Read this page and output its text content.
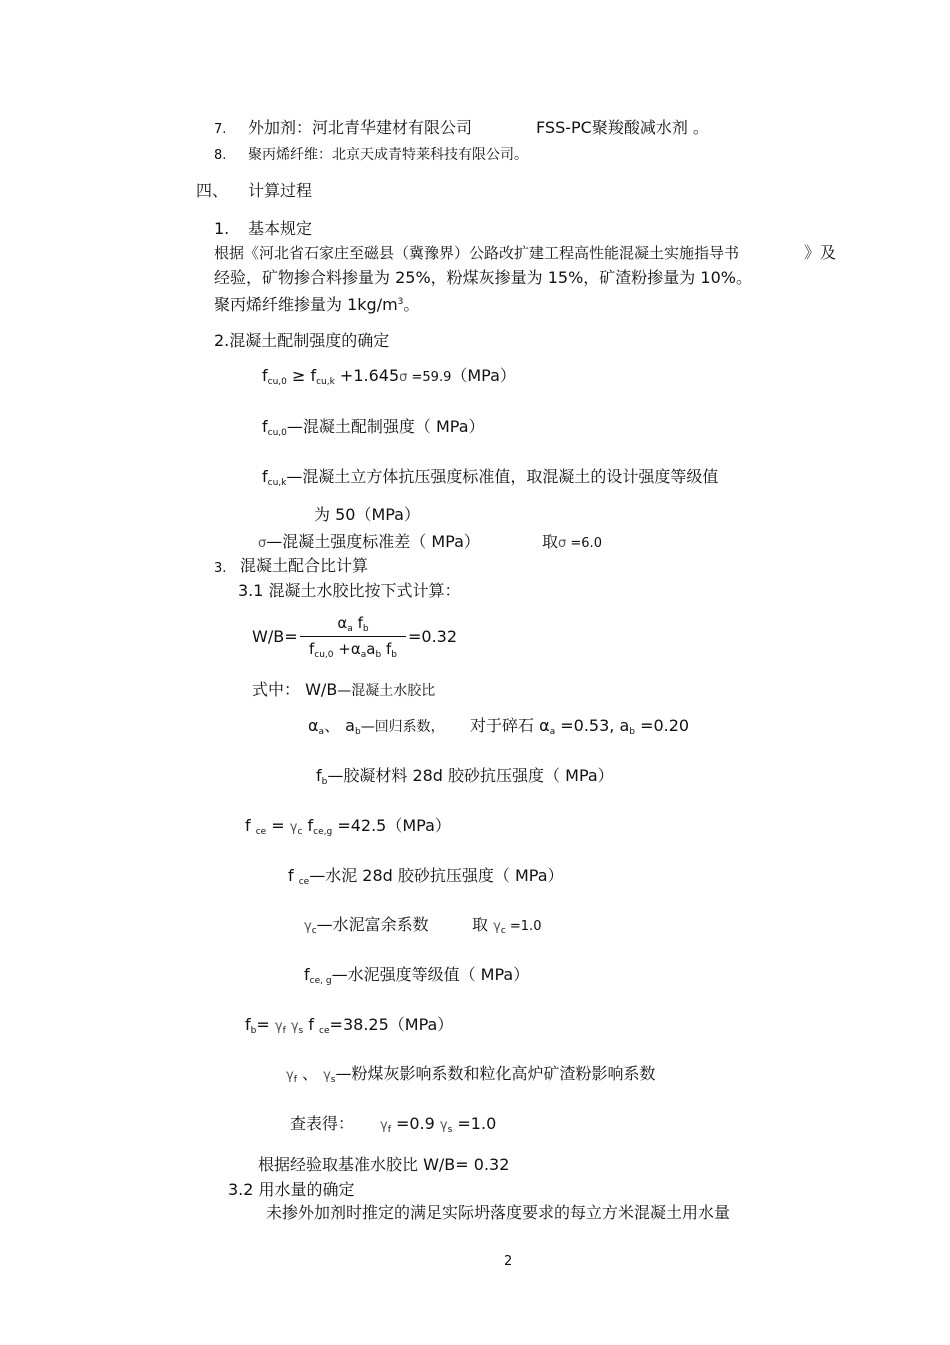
7. 外加剂：河北青华建材有限公司	FSS-PC聚羧酸减水剂 。
8. 聚丙烯纤维：北京天成青特莱科技有限公司。
四、 计算过程
1. 基本规定
根据《河北省石家庄至磁县（冀豫界）公路改扩建工程高性能混凝土实施指导书	》及
经验，矿物掺合料掺量为 25%，粉煤灰掺量为 15%，矿渣粉掺量为 10%。
聚丙烯纤维掺量为 $1kg/m^3$。
2.混凝土配制强度的确定
$f_{cu,0} \ge f_{cu,k} +1.645\sigma =59.9(MPa)$
$f_{cu,0}—$混凝土配制强度（ MPa）
$f_{cu,k}—$混凝土立方体抗压强度标准值，取混凝土的设计强度等级值
为 50（MPa）
σ—混凝土强度标准差（ MPa）	取σ =6.0
3. 混凝土配合比计算
3.1 混凝土水胶比按下式计算：
W/B=
$\alpha_a$ $f_b$
$f_{cu,0} +\alpha_aa_b$ $f_b$
=0.32
式中： W/B—混凝土水胶比
$\alpha_a$、 $a_b—$回归系数， 对于碎石 $\alpha_a =0.53$, $a_b =0.20$
$f_b—$胶凝材料 28d 胶砂抗压强度（ MPa）
f $_{ce} = \gamma_c$ $f_{ce,g} =42.5(MPa)$
f $_{ce}$—水泥 28d 胶砂抗压强度（ MPa）
$\gamma_c—$水泥富余系数	取 $\gamma_c =1.0$
$f_{ce, g}—$水泥强度等级值（ MPa）
$f_b= \gamma_f$ $\gamma_s$ f $_{ce}$=38.25（MPa）
$\gamma_f$ 、 $\gamma_s—$粉煤灰影响系数和粒化高炉矿渣粉影响系数
查表得： $\gamma_f =0.9$ $\gamma_s =1.0$
根据经验取基准水胶比 W/B= 0.32
3.2 用水量的确定
未掺外加剂时推定的满足实际坍落度要求的每立方米混凝土用水量
2
